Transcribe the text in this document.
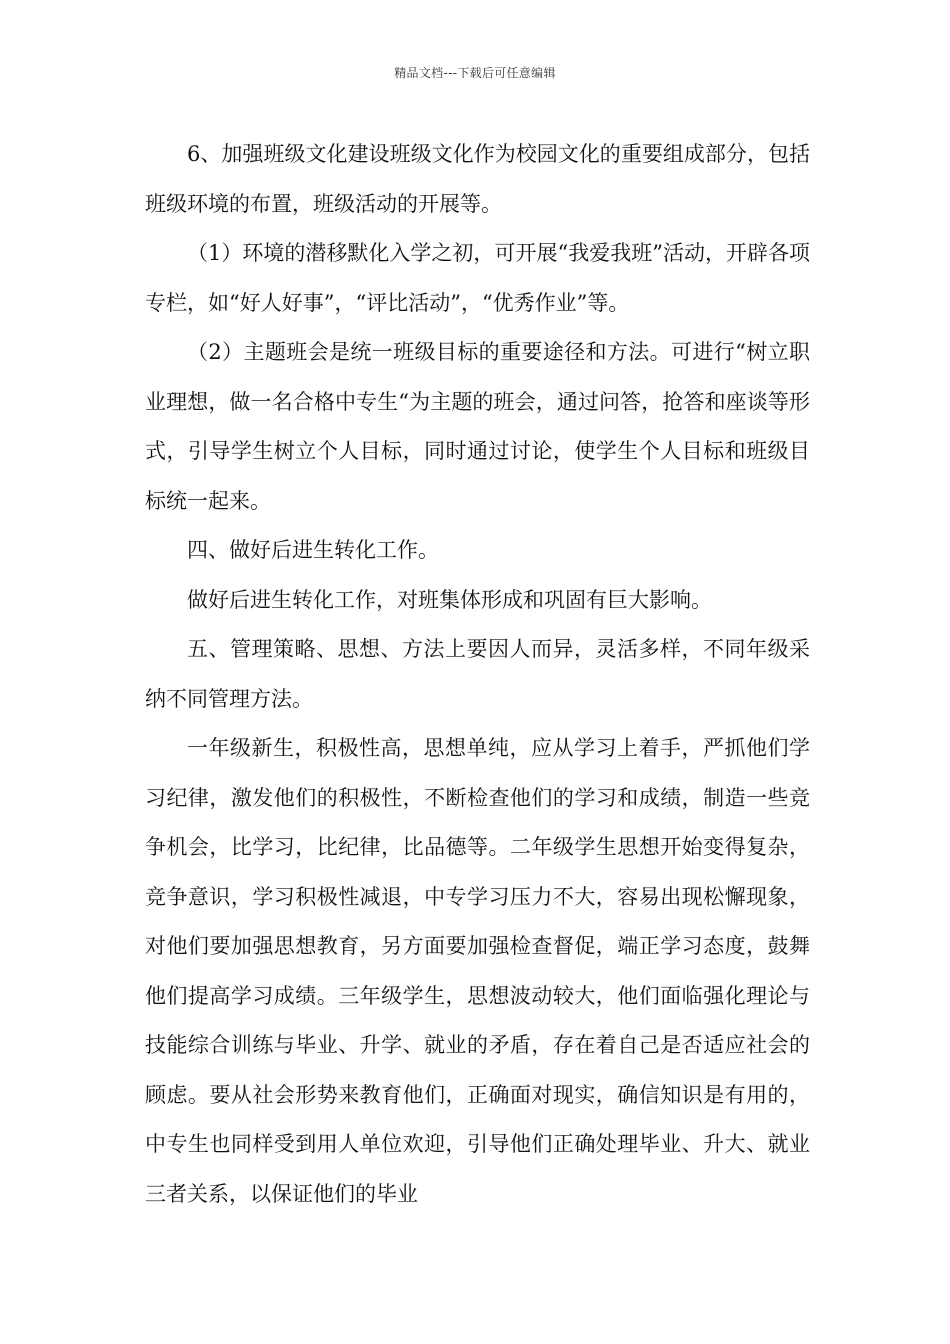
精品文档---下载后可任意编辑

6、加强班级文化建设班级文化作为校园文化的重要组成部分，包括班级环境的布置，班级活动的开展等。

（1）环境的潜移默化入学之初，可开展“我爱我班”活动，开辟各项专栏，如“好人好事”，“评比活动”，“优秀作业”等。

（2）主题班会是统一班级目标的重要途径和方法。可进行“树立职业理想，做一名合格中专生“为主题的班会，通过问答，抢答和座谈等形式，引导学生树立个人目标，同时通过讨论，使学生个人目标和班级目标统一起来。

四、做好后进生转化工作。

做好后进生转化工作，对班集体形成和巩固有巨大影响。

五、管理策略、思想、方法上要因人而异，灵活多样，不同年级采纳不同管理方法。

一年级新生，积极性高，思想单纯，应从学习上着手，严抓他们学习纪律，激发他们的积极性，不断检查他们的学习和成绩，制造一些竞争机会，比学习，比纪律，比品德等。二年级学生思想开始变得复杂，竞争意识，学习积极性减退，中专学习压力不大，容易出现松懈现象，对他们要加强思想教育，另方面要加强检查督促，端正学习态度，鼓舞他们提高学习成绩。三年级学生，思想波动较大，他们面临强化理论与技能综合训练与毕业、升学、就业的矛盾，存在着自己是否适应社会的顾虑。要从社会形势来教育他们，正确面对现实，确信知识是有用的，中专生也同样受到用人单位欢迎，引导他们正确处理毕业、升大、就业三者关系，以保证他们的毕业
